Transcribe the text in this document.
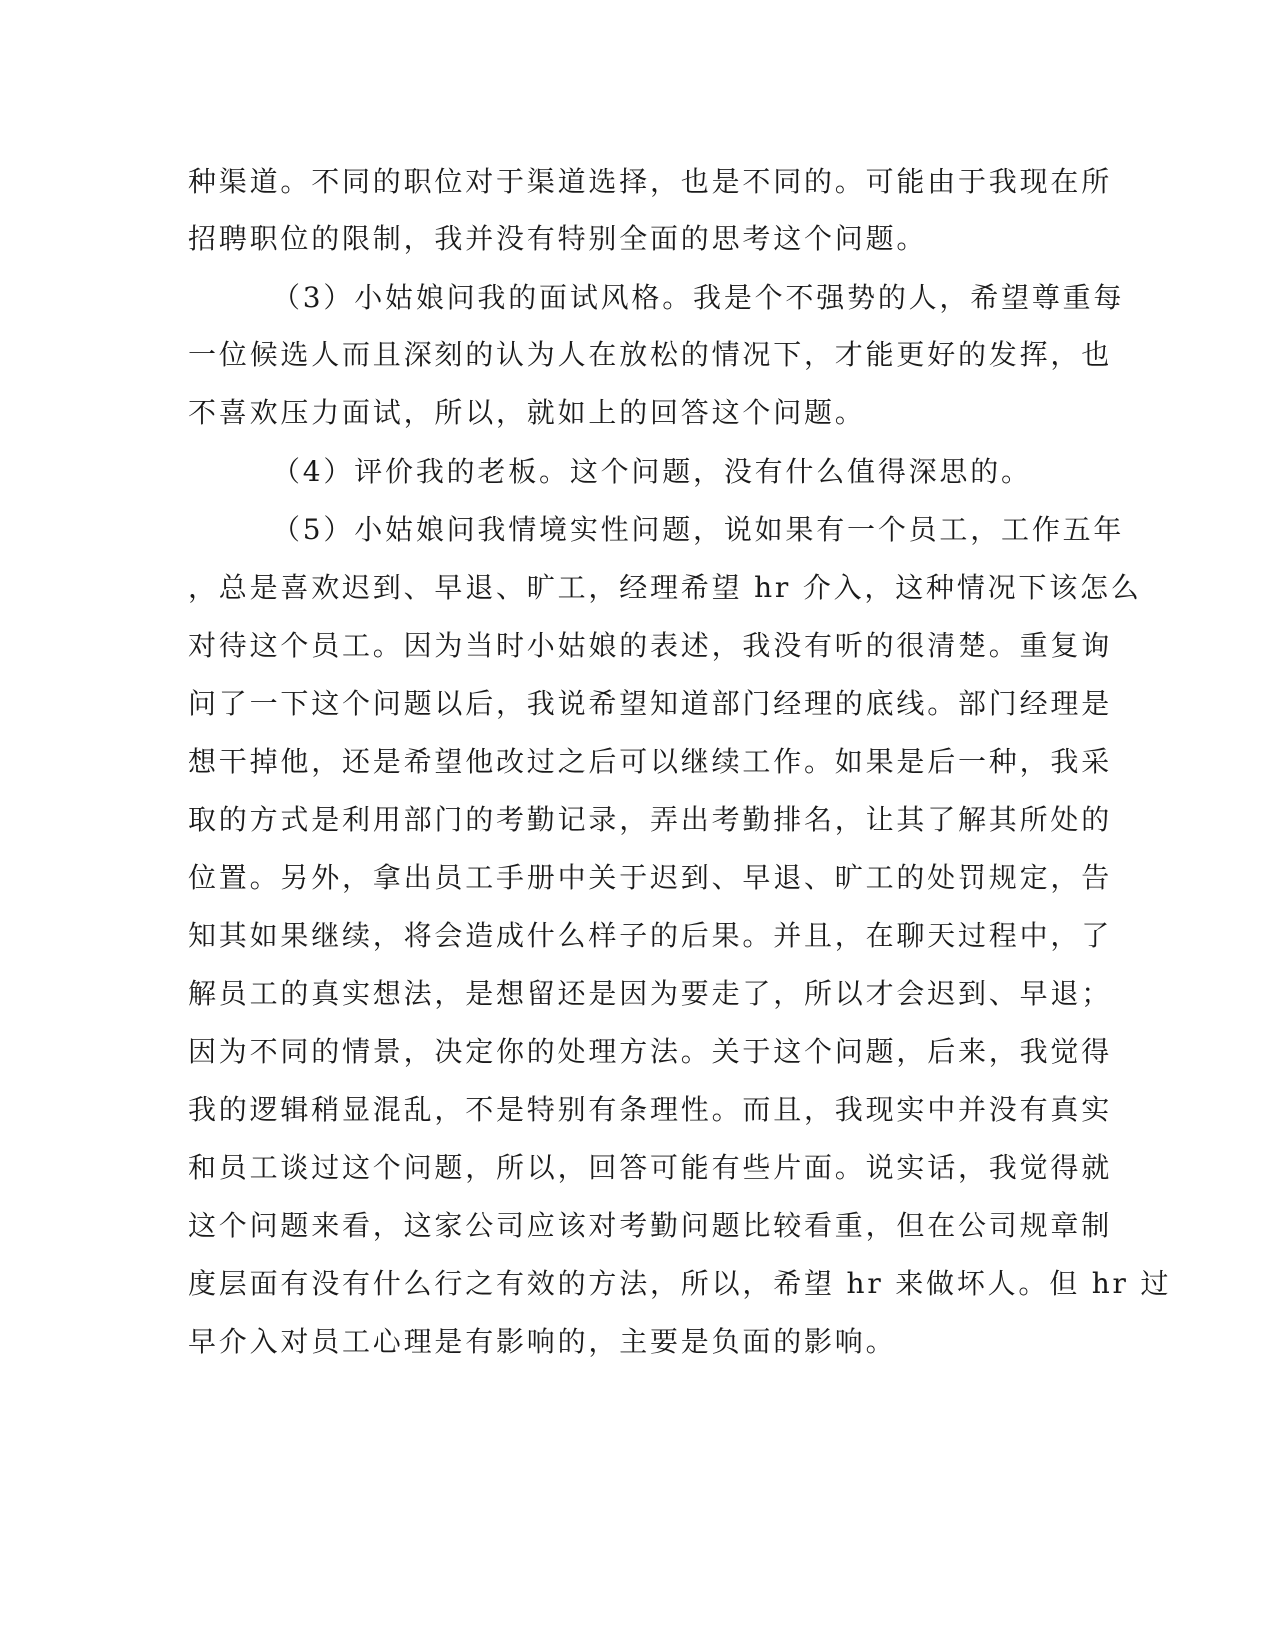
种渠道。不同的职位对于渠道选择，也是不同的。可能由于我现在所
招聘职位的限制，我并没有特别全面的思考这个问题。
（3）小姑娘问我的面试风格。我是个不强势的人，希望尊重每
一位候选人而且深刻的认为人在放松的情况下，才能更好的发挥，也
不喜欢压力面试，所以，就如上的回答这个问题。
（4）评价我的老板。这个问题，没有什么值得深思的。
（5）小姑娘问我情境实性问题，说如果有一个员工，工作五年
，总是喜欢迟到、早退、旷工，经理希望 hr 介入，这种情况下该怎么
对待这个员工。因为当时小姑娘的表述，我没有听的很清楚。重复询
问了一下这个问题以后，我说希望知道部门经理的底线。部门经理是
想干掉他，还是希望他改过之后可以继续工作。如果是后一种，我采
取的方式是利用部门的考勤记录，弄出考勤排名，让其了解其所处的
位置。另外，拿出员工手册中关于迟到、早退、旷工的处罚规定，告
知其如果继续，将会造成什么样子的后果。并且，在聊天过程中，了
解员工的真实想法，是想留还是因为要走了，所以才会迟到、早退；
因为不同的情景，决定你的处理方法。关于这个问题，后来，我觉得
我的逻辑稍显混乱，不是特别有条理性。而且，我现实中并没有真实
和员工谈过这个问题，所以，回答可能有些片面。说实话，我觉得就
这个问题来看，这家公司应该对考勤问题比较看重，但在公司规章制
度层面有没有什么行之有效的方法，所以，希望 hr 来做坏人。但 hr 过
早介入对员工心理是有影响的，主要是负面的影响。
